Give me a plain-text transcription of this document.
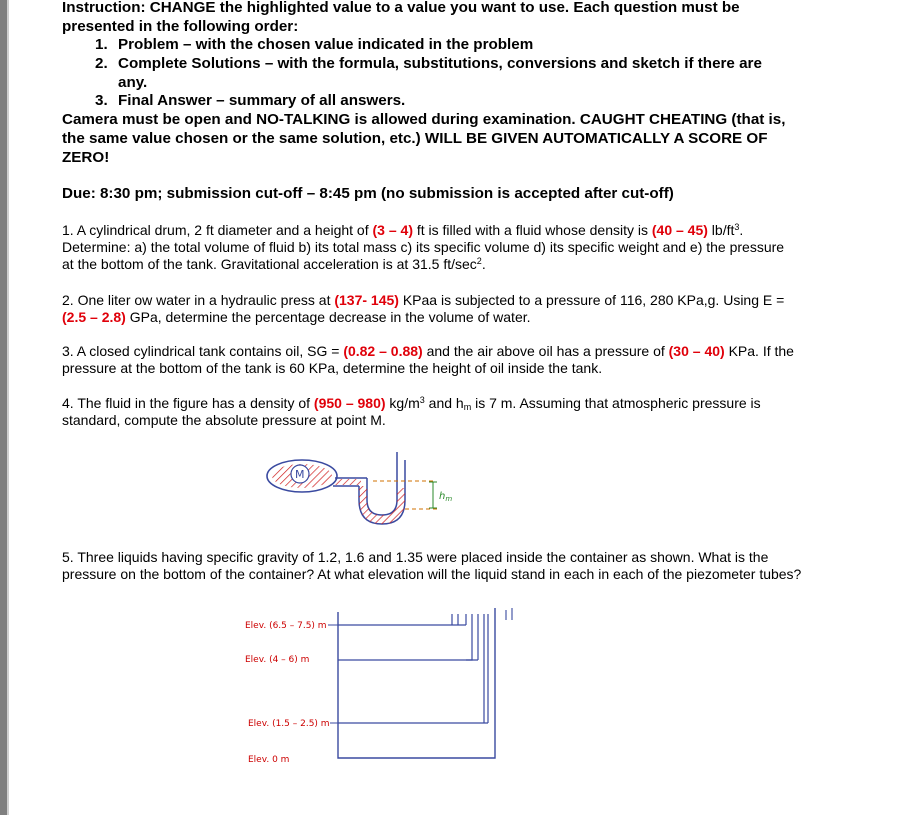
Instruction: CHANGE the highlighted value to a value you want to use. Each question must be
presented in the following order:
1. Problem – with the chosen value indicated in the problem
2. Complete Solutions – with the formula, substitutions, conversions and sketch if there are
any.
3. Final Answer – summary of all answers.
Camera must be open and NO-TALKING is allowed during examination. CAUGHT CHEATING (that is,
the same value chosen or the same solution, etc.) WILL BE GIVEN AUTOMATICALLY A SCORE OF
ZERO!
Due: 8:30 pm; submission cut-off – 8:45 pm (no submission is accepted after cut-off)
1. A cylindrical drum, 2 ft diameter and a height of (3 – 4) ft is filled with a fluid whose density is (40 – 45) $lb/ft^3$.
Determine: a) the total volume of fluid b) its total mass c) its specific volume d) its specific weight and e) the pressure
at the bottom of the tank. Gravitational acceleration is at 31.5 $ft/\sec^2$.
2. One liter ow water in a hydraulic press at (137- 145) KPaa is subjected to a pressure of 116, 280 KPa,g. Using E =
(2.5 – 2.8) GPa, determine the percentage decrease in the volume of water.
3. A closed cylindrical tank contains oil, SG = (0.82 – 0.88) and the air above oil has a pressure of (30 – 40) KPa. If the
pressure at the bottom of the tank is 60 KPa, determine the height of oil inside the tank.
4. The fluid in the figure has a density of (950 – 980) $kg/m^3$ and $h_m$ is 7 m. Assuming that atmospheric pressure is
standard, compute the absolute pressure at point M.
M
$h_m$
5. Three liquids having specific gravity of 1.2, 1.6 and 1.35 were placed inside the container as shown. What is the
pressure on the bottom of the container? At what elevation will the liquid stand in each in each of the piezometer tubes?
Elev. (6.5 – 7.5) m
Elev. (4 – 6) m
Elev. (1.5 – 2.5) m
Elev. 0 m
